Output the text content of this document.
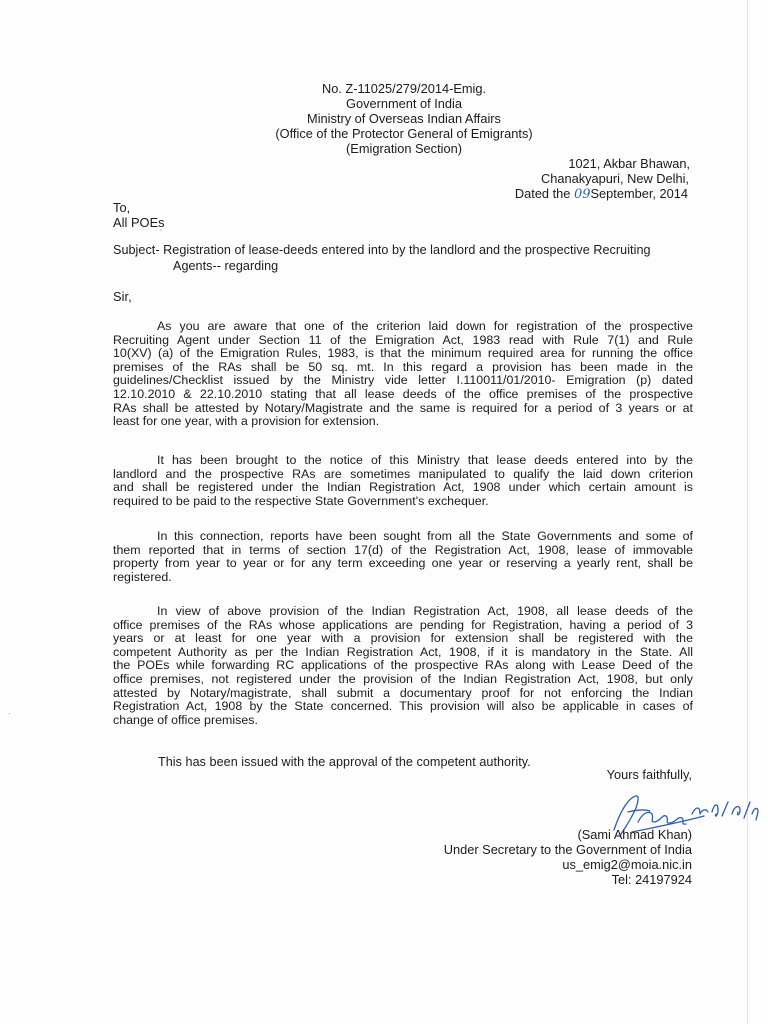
No. Z-11025/279/2014-Emig.
Government of India
Ministry of Overseas Indian Affairs
(Office of the Protector General of Emigrants)
(Emigration Section)
1021, Akbar Bhawan,
Chanakyapuri, New Delhi,
Dated the 09September, 2014
To,
All POEs
ʼ
Subject- Registration of lease-deeds entered into by the landlord and the prospective Recruiting
Agents-- regarding
Sir,
As you are aware that one of the criterion laid down for registration of the prospective
Recruiting Agent under Section 11 of the Emigration Act, 1983 read with Rule 7(1) and Rule
10(XV) (a) of the Emigration Rules, 1983, is that the minimum required area for running the office
premises of the RAs shall be 50 sq. mt. In this regard a provision has been made in the
guidelines/Checklist issued by the Ministry vide letter I.110011/01/2010- Emigration (p) dated
12.10.2010 & 22.10.2010 stating that all lease deeds of the office premises of the prospective
RAs shall be attested by Notary/Magistrate and the same is required for a period of 3 years or at
least for one year, with a provision for extension.
It has been brought to the notice of this Ministry that lease deeds entered into by the
landlord and the prospective RAs are sometimes manipulated to qualify the laid down criterion
and shall be registered under the Indian Registration Act, 1908 under which certain amount is
required to be paid to the respective State Government's exchequer.
In this connection, reports have been sought from all the State Governments and some of
them reported that in terms of section 17(d) of the Registration Act, 1908, lease of immovable
property from year to year or for any term exceeding one year or reserving a yearly rent, shall be
registered.
In view of above provision of the Indian Registration Act, 1908, all lease deeds of the
office premises of the RAs whose applications are pending for Registration, having a period of 3
years or at least for one year with a provision for extension shall be registered with the
competent Authority as per the Indian Registration Act, 1908, if it is mandatory in the State. All
the POEs while forwarding RC applications of the prospective RAs along with Lease Deed of the
office premises, not registered under the provision of the Indian Registration Act, 1908, but only
attested by Notary/magistrate, shall submit a documentary proof for not enforcing the Indian
Registration Act, 1908 by the State concerned. This provision will also be applicable in cases of
change of office premises.
·
This has been issued with the approval of the competent authority.
Yours faithfully,
(Sami Ahmad Khan)
Under Secretary to the Government of India
us_emig2@moia.nic.in
Tel: 24197924
